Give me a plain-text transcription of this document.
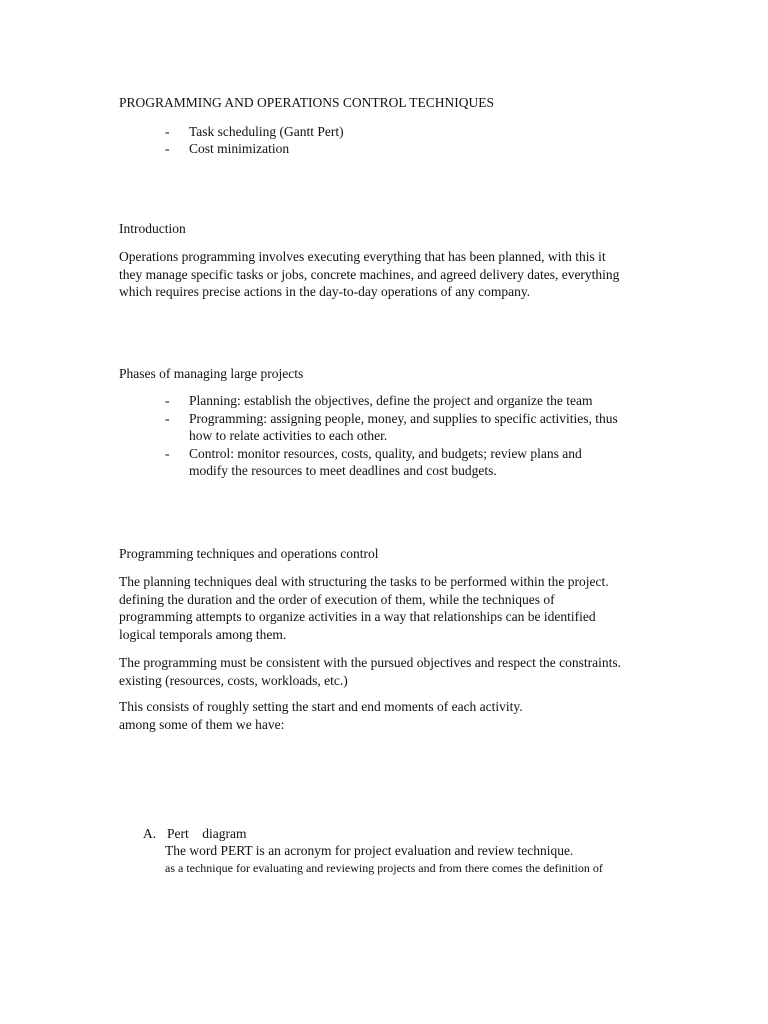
PROGRAMMING AND OPERATIONS CONTROL TECHNIQUES
- Task scheduling (Gantt Pert)
- Cost minimization
Introduction
Operations programming involves executing everything that has been planned, with this it
they manage specific tasks or jobs, concrete machines, and agreed delivery dates, everything
which requires precise actions in the day-to-day operations of any company.
Phases of managing large projects
- Planning: establish the objectives, define the project and organize the team
- Programming: assigning people, money, and supplies to specific activities, thus
how to relate activities to each other.
- Control: monitor resources, costs, quality, and budgets; review plans and
modify the resources to meet deadlines and cost budgets.
Programming techniques and operations control
The planning techniques deal with structuring the tasks to be performed within the project.
defining the duration and the order of execution of them, while the techniques of
programming attempts to organize activities in a way that relationships can be identified
logical temporals among them.
The programming must be consistent with the pursued objectives and respect the constraints.
existing (resources, costs, workloads, etc.)
This consists of roughly setting the start and end moments of each activity.
among some of them we have:
A. Pert    diagram
The word PERT is an acronym for project evaluation and review technique.
as a technique for evaluating and reviewing projects and from there comes the definition of
